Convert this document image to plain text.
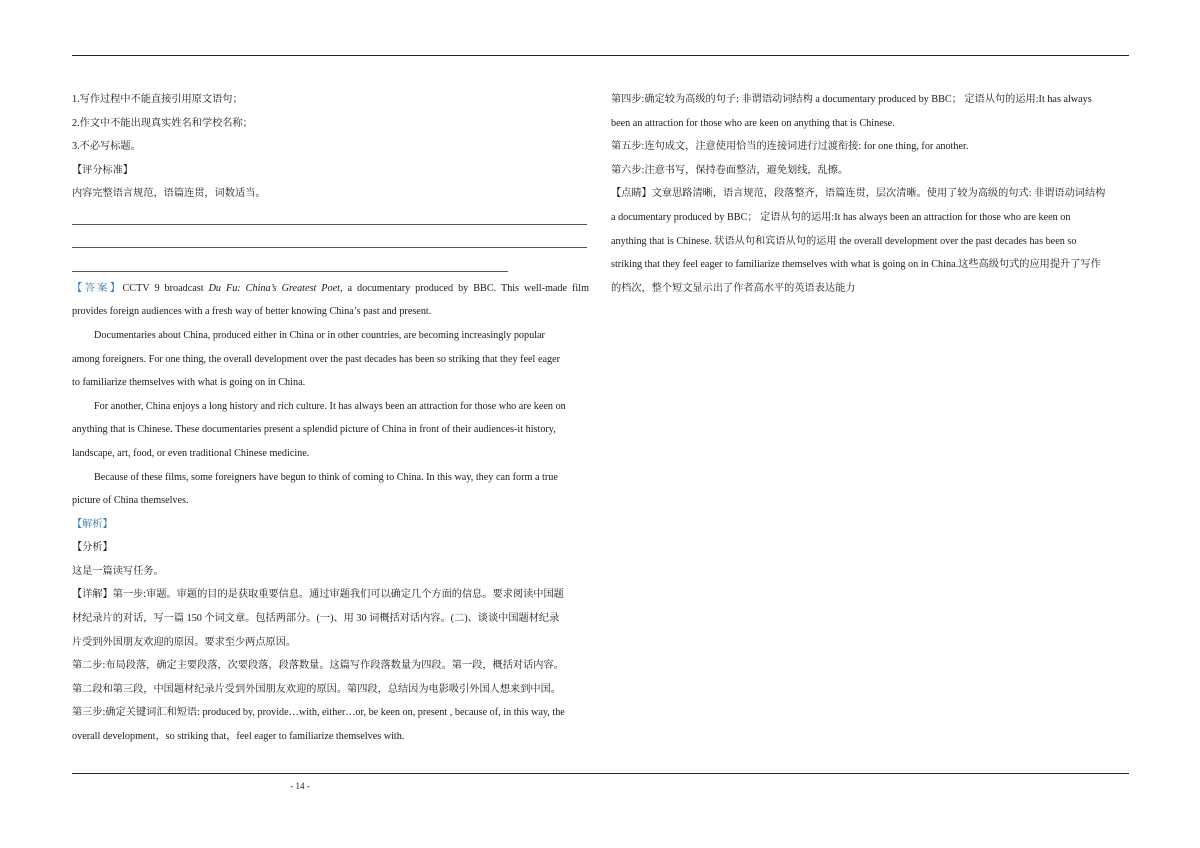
1.写作过程中不能直接引用原文语句；

2.作文中不能出现真实姓名和学校名称；

3.不必写标题。

【评分标准】

内容完整语言规范，语篇连贯，词数适当。

【答案】CCTV 9 broadcast Du Fu: China’s Greatest Poet, a documentary produced by BBC. This well-made film

provides foreign audiences with a fresh way of better knowing China’s past and present.

Documentaries about China, produced either in China or in other countries, are becoming increasingly popular

among foreigners. For one thing, the overall development over the past decades has been so striking that they feel eager

to familiarize themselves with what is going on in China.

For another, China enjoys a long history and rich culture. It has always been an attraction for those who are keen on

anything that is Chinese. These documentaries present a splendid picture of China in front of their audiences-it history,

landscape, art, food, or even traditional Chinese medicine.

Because of these films, some foreigners have begun to think of coming to China. In this way, they can form a true

picture of China themselves.

【解析】

【分析】

这是一篇读写任务。

【详解】第一步:审题。审题的目的是获取重要信息。通过审题我们可以确定几个方面的信息。要求阅读中国题

材纪录片的对话，写一篇 150 个词文章。包括两部分。(一)、用 30 词概括对话内容。(二)、谈谈中国题材纪录

片受到外国朋友欢迎的原因。要求至少两点原因。

第二步:布局段落，确定主要段落，次要段落，段落数量。这篇写作段落数量为四段。第一段，概括对话内容。

第二段和第三段，中国题材纪录片受到外国朋友欢迎的原因。第四段，总结因为电影吸引外国人想来到中国。

第三步:确定关键词汇和短语: produced by, provide…with, either…or, be keen on, present , because of, in this way, the

overall development，so striking that，feel eager to familiarize themselves with.

第四步:确定较为高级的句子: 非谓语动词结构 a documentary produced by BBC； 定语从句的运用:It has always

been an attraction for those who are keen on anything that is Chinese.

第五步:连句成文，注意使用恰当的连接词进行过渡衔接: for one thing, for another.

第六步:注意书写，保持卷面整洁，避免划线，乱擦。

【点睛】文章思路清晰，语言规范，段落整齐，语篇连贯，层次清晰。使用了较为高级的句式: 非谓语动词结构

a documentary produced by BBC； 定语从句的运用:It has always been an attraction for those who are keen on

anything that is Chinese. 状语从句和宾语从句的运用 the overall development over the past decades has been so

striking that they feel eager to familiarize themselves with what is going on in China.这些高级句式的应用提升了写作

的档次，整个短文显示出了作者高水平的英语表达能力

- 14 -
